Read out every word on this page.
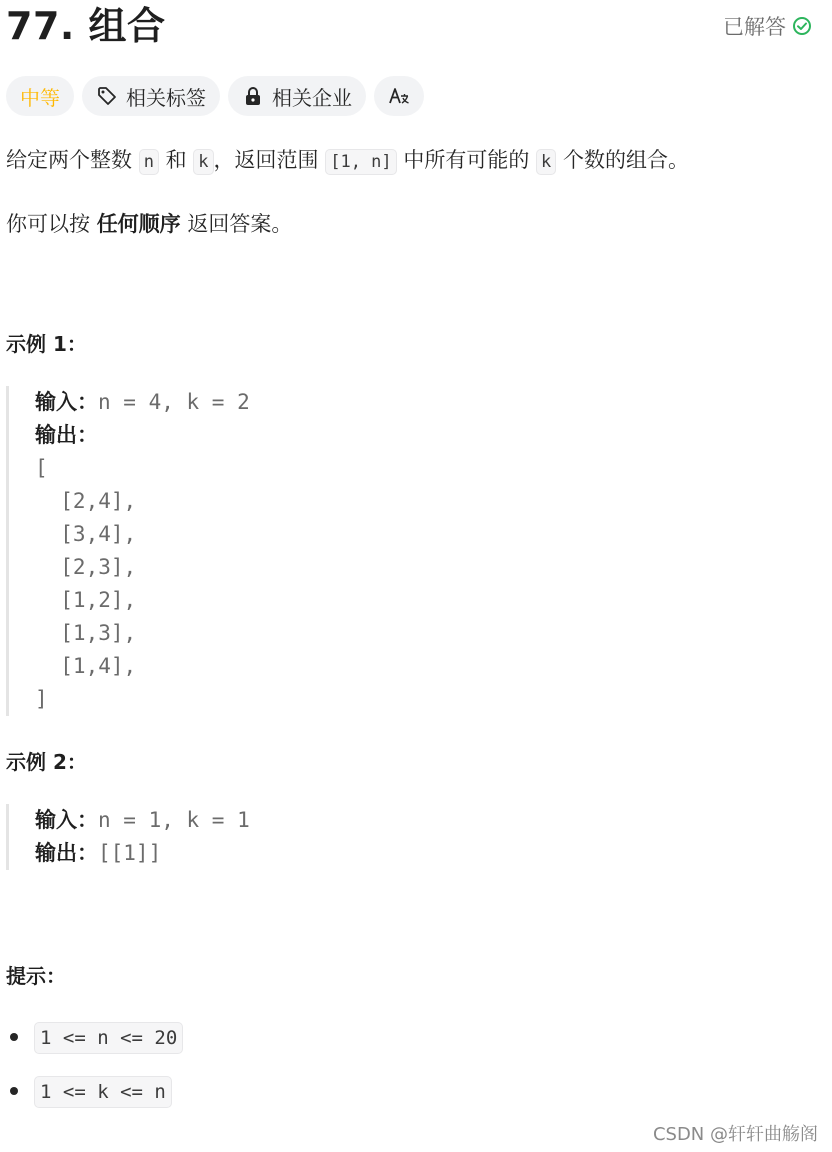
77. 组合	已解答
中等	相关标签	相关企业

给定两个整数 n 和 k ，返回范围 [1, n] 中所有可能的 k 个数的组合。

你可以按 任何顺序 返回答案。

示例 1：
输入：n = 4, k = 2
输出：
[
[2,4],
[3,4],
[2,3],
[1,2],
[1,3],
[1,4],
]
示例 2：
输入：n = 1, k = 1
输出：[[1]]
提示：
1 <= n <= 20
1 <= k <= n
CSDN @轩轩曲觞阁
